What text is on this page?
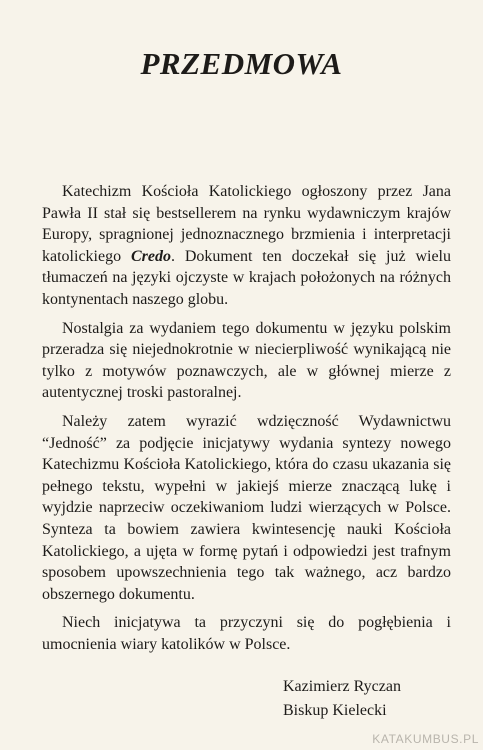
PRZEDMOWA

Katechizm Kościoła Katolickiego ogłoszony przez Jana Pawła II stał się bestsellerem na rynku wydawniczym krajów Europy, spragnionej jednoznacznego brzmienia i interpretacji katolickiego Credo. Dokument ten doczekał się już wielu tłumaczeń na języki ojczyste w krajach położonych na różnych kontynentach naszego globu.

Nostalgia za wydaniem tego dokumentu w języku polskim przeradza się niejednokrotnie w niecierpliwość wynikającą nie tylko z motywów poznawczych, ale w głównej mierze z autentycznej troski pastoralnej.

Należy zatem wyrazić wdzięczność Wydawnictwu “Jedność” za podjęcie inicjatywy wydania syntezy nowego Katechizmu Kościoła Katolickiego, która do czasu ukazania się pełnego tekstu, wypełni w jakiejś mierze znaczącą lukę i wyjdzie naprzeciw oczekiwaniom ludzi wierzących w Polsce. Synteza ta bowiem zawiera kwintesencję nauki Kościoła Katolickiego, a ujęta w formę pytań i odpowiedzi jest trafnym sposobem upowszechnienia tego tak ważnego, acz bardzo obszernego dokumentu.

Niech inicjatywa ta przyczyni się do pogłębienia i umocnienia wiary katolików w Polsce.

Kazimierz Ryczan
Biskup Kielecki
KATAKUMBUS.PL
